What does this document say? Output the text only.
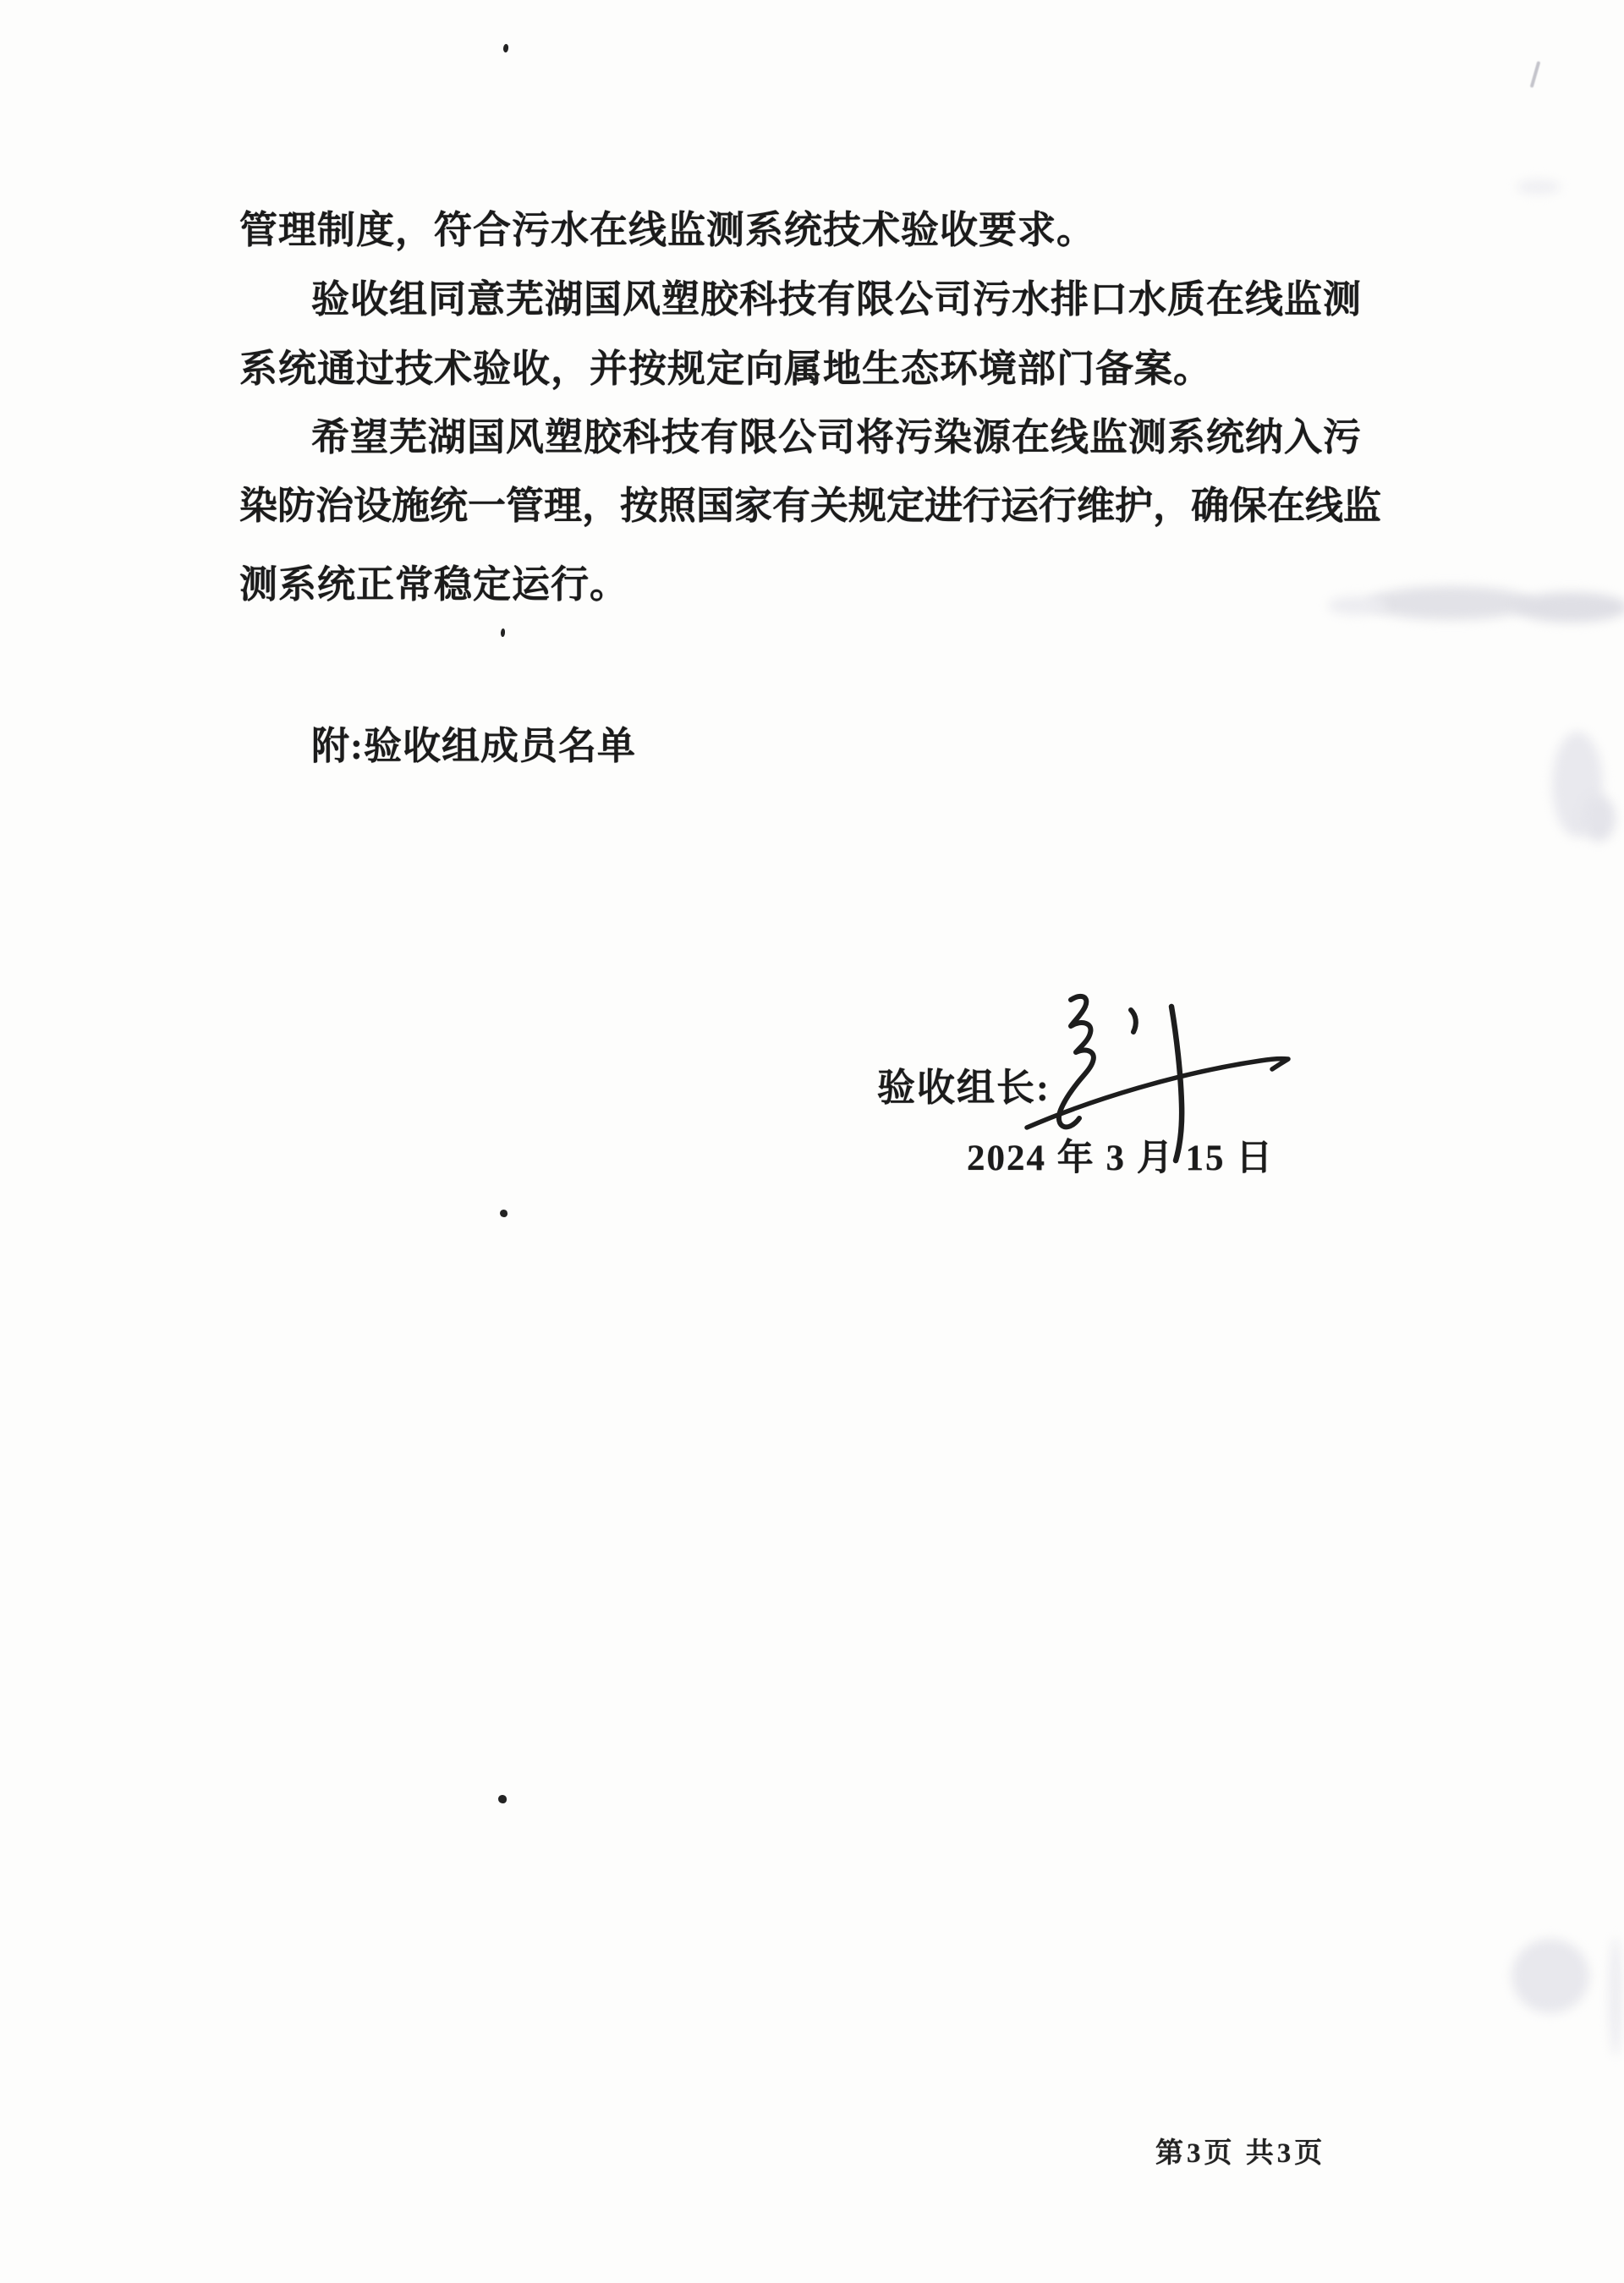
管理制度，符合污水在线监测系统技术验收要求。
验收组同意芜湖国风塑胶科技有限公司污水排口水质在线监测
系统通过技术验收，并按规定向属地生态环境部门备案。
希望芜湖国风塑胶科技有限公司将污染源在线监测系统纳入污
染防治设施统一管理，按照国家有关规定进行运行维护，确保在线监
测系统正常稳定运行。
附:验收组成员名单
验收组长:
2024 年 3 月 15 日
第3页 共3页
